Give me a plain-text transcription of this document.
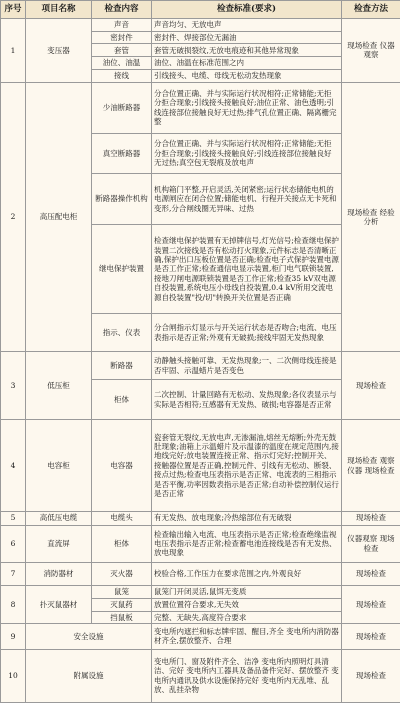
序号	项目名称	检查内容	检查标准(要求)	检查方法
1	变压器	声音	声音均匀、无放电声	现场检查 仪器观察
		密封件	密封件、焊接部位无漏油	
		套管	套管无破损裂纹,无放电痕迹和其他异常现象	
		油位、油温	油位、油温在标准范围之内	
		接线	引线接头、电缆、母线无松动发热现象	
2	高压配电柜	少油断路器	分合位置正确、并与实际运行状况相符;正常储能;无拒分拒合现象;引线接头接触良好;油位正常、油色透明;引线连接部位接触良好无过热;排气孔位置正确、隔离栅完整	现场检查 经验分析
		真空断路器	分合位置正确、并与实际运行状况相符;正常储能;无拒分拒合现象;引线接头接触良好;引线连接部位接触良好无过热;真空包无裂痕及放电声	
		断路器操作机构	机构箱门平整,开启灵活,关闭紧密;运行状态储能电机的电源闸应在闭合位置;储能电机、行程开关接点无卡死和变形,分合闸线圈无异味、过热	
		继电保护装置	检查继电保护装置有无掉牌信号,灯光信号;检查继电保护装置二次接线是否有松动打火现象,元件标志是否清晰正确,保护出口压板位置是否正确;检查电子式保护装置电源是否工作正常;检查通信电显示装置,柜门电气联锁装置,接地刀闸电源联锁装置是否工作正常;检查35 kV双电源自投装置,系统电压小母线自投装置,0.4 kV所用交流电源自投装置"投/切"转换开关位置是否正确	
		指示、仪表	分合闸指示灯显示与开关运行状态是否吻合;电流、电压表指示是否正常;外观有无破损;接线牢固无发热现象	
3	低压柜	断路器	动静触头接触可靠、无发热现象;一、二次侧母线连接是否牢固、示温蜡片是否变色	现场检查
		柜体	二次控制、计量回路有无松动、发热现象;各仪表显示与实际是否相符;互感器有无发热、破损;电容器是否正常	
4	电容柜	电容器	瓷套管无裂纹,无放电声,无渗漏油,熔丝无熔断;外壳无鼓肚现象;油箱上示温蜡片及示温漆的温度在规定范围内,接地线完好;放电装置连接正常、指示灯完好;控制开关、接触器位置是否正确,控制元件、引线有无松动、断裂、接点过热;检查电压表指示是否正常、电流表的三相指示是否平衡,功率因数表指示是否正常;自动补偿控制仪运行是否正常	现场检查 观察仪器 现场检查
5	高低压电缆	电缆头	有无发热、放电现象;冷热缩部位有无破裂	现场检查
6	直流屏	柜体	检查输出输入电流、电压表指示是否正常;检查绝缘监视电压表指示是否正常;检查蓄电池连接线是否有无发热、放电现象	仪器观察 现场检查
7	消防器材	灭火器	校验合格,工作压力在要求范围之内,外观良好	现场检查
8	扑灭鼠器材	鼠笼	鼠笼门开闭灵活,鼠饵无变质	现场检查
		灭鼠药	放置位置符合要求,无失效	
		挡鼠板	完整、无缺失,高度符合要求	
9	安全设施		变电所内遮拦和标志牌牢固、醒目,齐全 变电所内消防器材齐全,摆放整齐、合理	现场检查
10	附属设施		变电所门、窗及附件齐全、洁净 变电所内照明灯具清洁、完好 变电所内工器具及备品备件完好、摆放整齐 变电所内通讯及供水设施保持完好 变电所内无乱堆、乱放、乱挂杂物	现场检查
